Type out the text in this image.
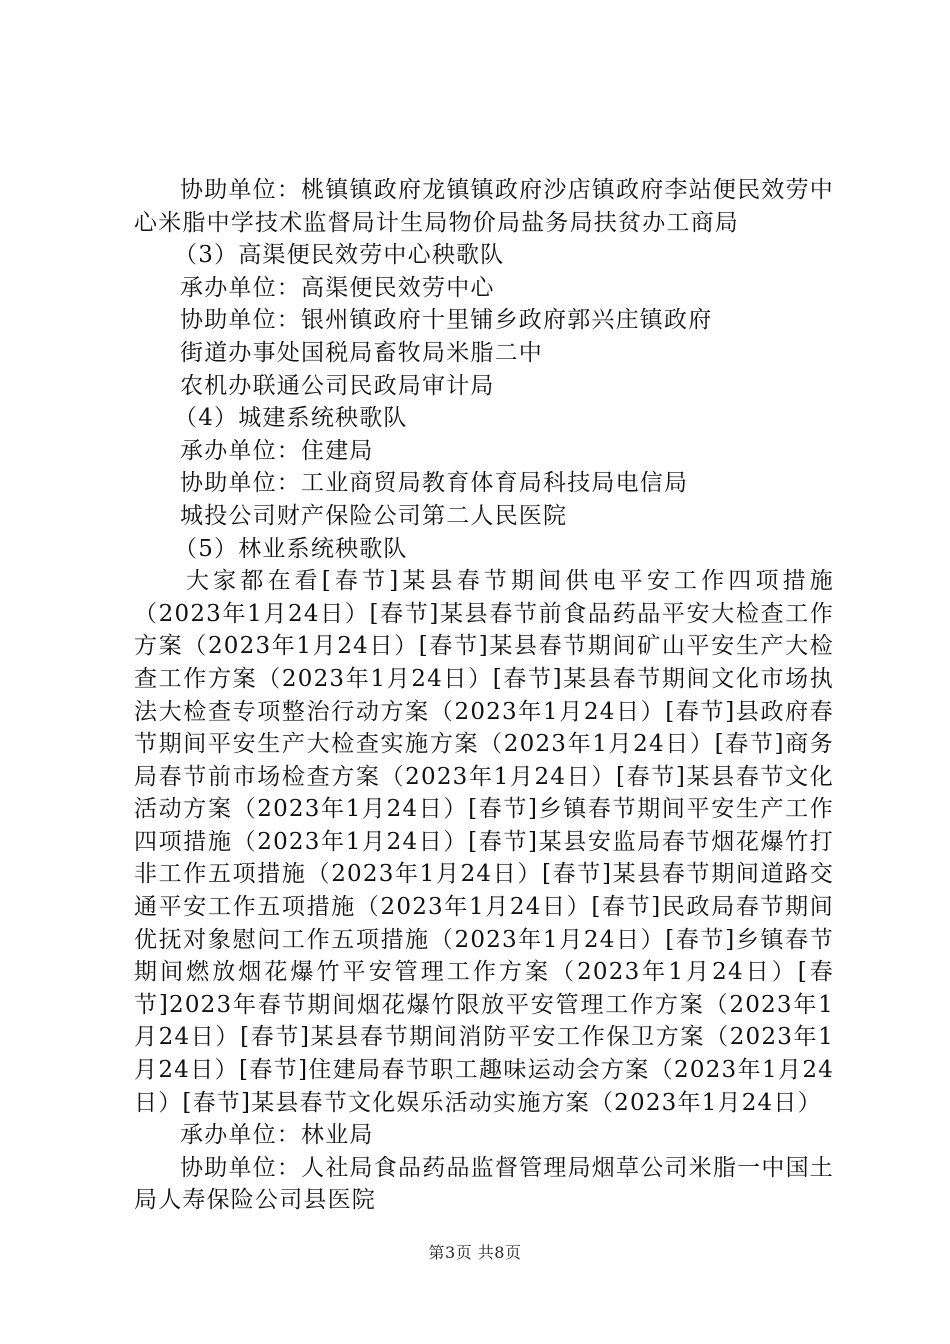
协助单位：桃镇镇政府龙镇镇政府沙店镇政府李站便民效劳中心米脂中学技术监督局计生局物价局盐务局扶贫办工商局

（3）高渠便民效劳中心秧歌队

承办单位：高渠便民效劳中心

协助单位：银州镇政府十里铺乡政府郭兴庄镇政府

街道办事处国税局畜牧局米脂二中

农机办联通公司民政局审计局

（4）城建系统秧歌队

承办单位：住建局

协助单位：工业商贸局教育体育局科技局电信局

城投公司财产保险公司第二人民医院

（5）林业系统秧歌队

大家都在看[春节]某县春节期间供电平安工作四项措施（2023年1月24日）[春节]某县春节前食品药品平安大检查工作方案（2023年1月24日）[春节]某县春节期间矿山平安生产大检查工作方案（2023年1月24日）[春节]某县春节期间文化市场执法大检查专项整治行动方案（2023年1月24日）[春节]县政府春节期间平安生产大检查实施方案（2023年1月24日）[春节]商务局春节前市场检查方案（2023年1月24日）[春节]某县春节文化活动方案（2023年1月24日）[春节]乡镇春节期间平安生产工作四项措施（2023年1月24日）[春节]某县安监局春节烟花爆竹打非工作五项措施（2023年1月24日）[春节]某县春节期间道路交通平安工作五项措施（2023年1月24日）[春节]民政局春节期间优抚对象慰问工作五项措施（2023年1月24日）[春节]乡镇春节期间燃放烟花爆竹平安管理工作方案（2023年1月24日）[春节]2023年春节期间烟花爆竹限放平安管理工作方案（2023年1月24日）[春节]某县春节期间消防平安工作保卫方案（2023年1月24日）[春节]住建局春节职工趣味运动会方案（2023年1月24日）[春节]某县春节文化娱乐活动实施方案（2023年1月24日）

承办单位：林业局

协助单位：人社局食品药品监督管理局烟草公司米脂一中国土局人寿保险公司县医院

第3页 共8页
